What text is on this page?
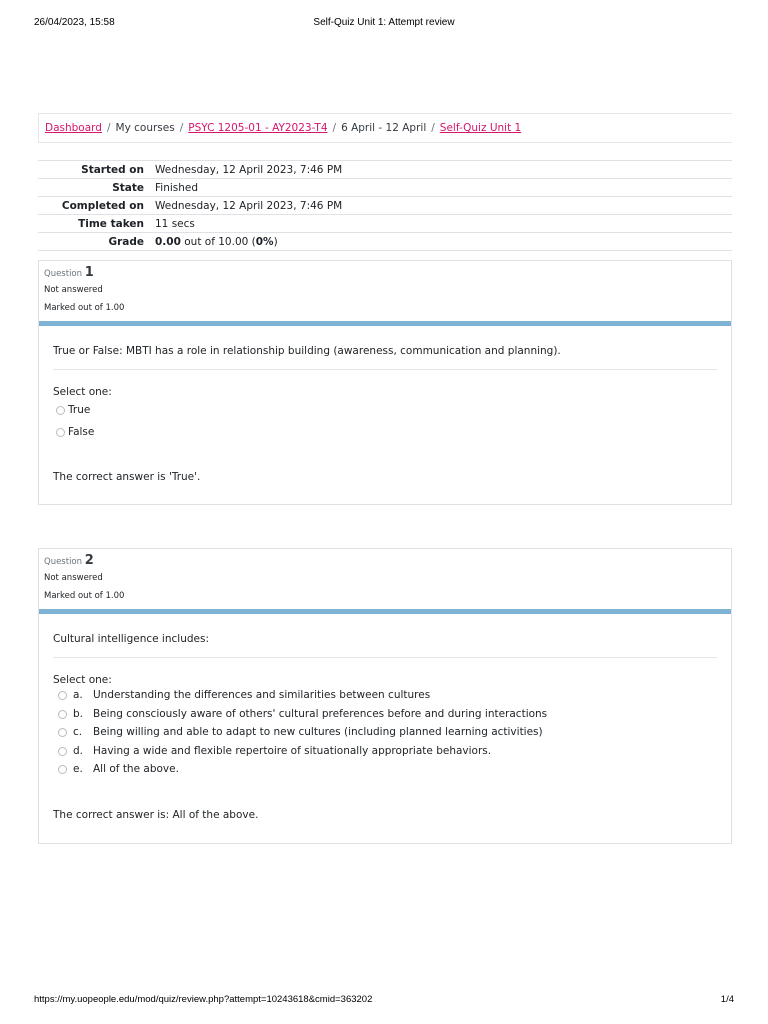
26/04/2023, 15:58	Self-Quiz Unit 1: Attempt review
Dashboard / My courses / PSYC 1205-01 - AY2023-T4 / 6 April - 12 April / Self-Quiz Unit 1
Started on	Wednesday, 12 April 2023, 7:46 PM
State	Finished
Completed on	Wednesday, 12 April 2023, 7:46 PM
Time taken	11 secs
Grade	0.00 out of 10.00 (0%)
Question 1
Not answered
Marked out of 1.00
True or False: MBTI has a role in relationship building (awareness, communication and planning).
Select one:
True
False
The correct answer is 'True'.
Question 2
Not answered
Marked out of 1.00
Cultural intelligence includes:
Select one:
a. Understanding the differences and similarities between cultures
b. Being consciously aware of others' cultural preferences before and during interactions
c. Being willing and able to adapt to new cultures (including planned learning activities)
d. Having a wide and flexible repertoire of situationally appropriate behaviors.
e. All of the above.
The correct answer is: All of the above.
https://my.uopeople.edu/mod/quiz/review.php?attempt=10243618&cmid=363202	1/4
